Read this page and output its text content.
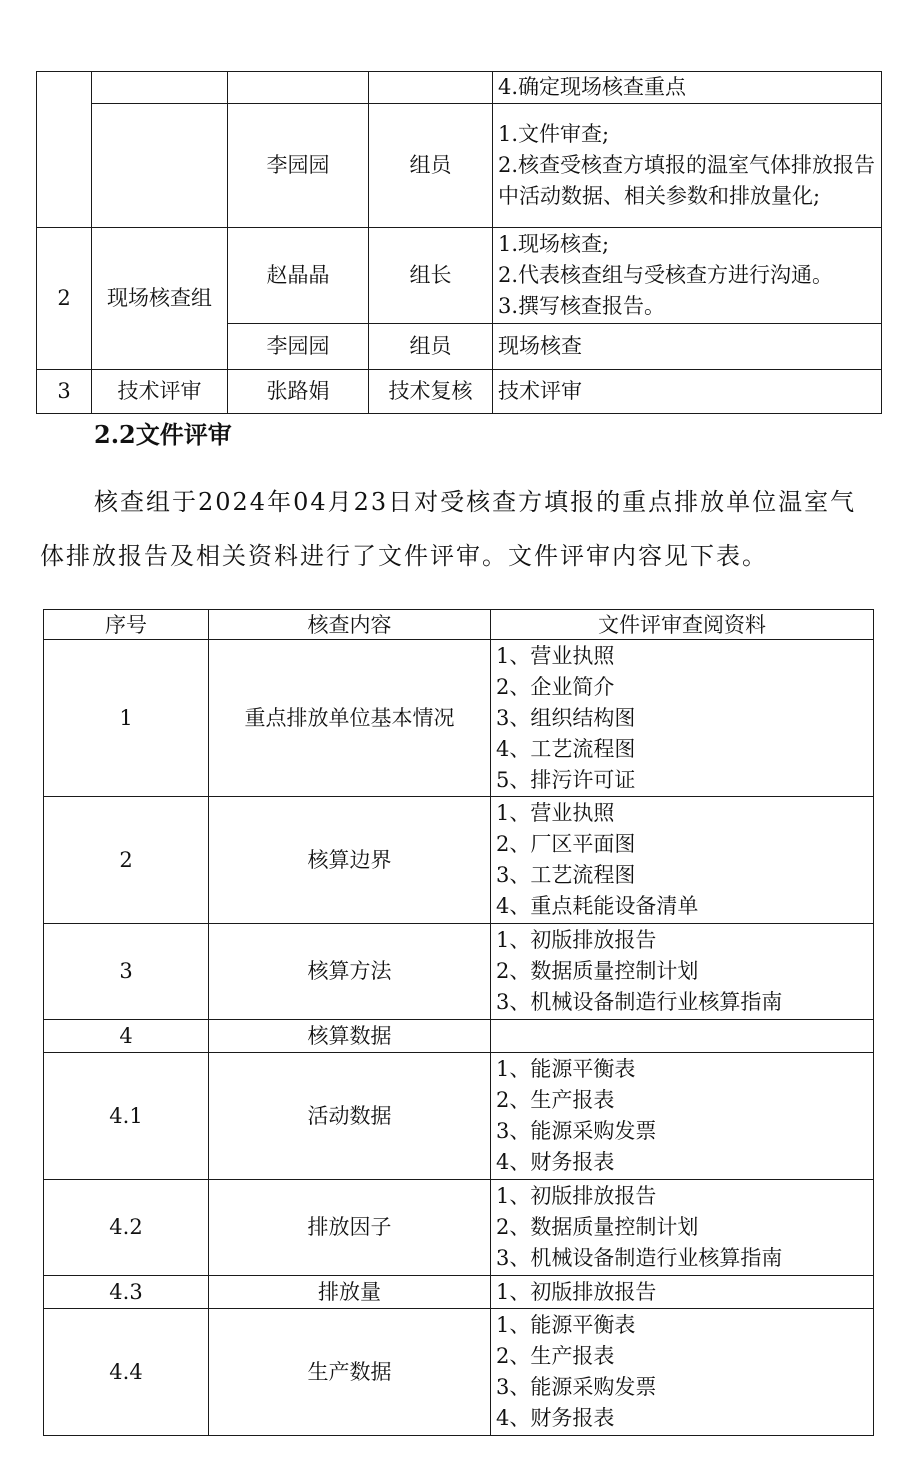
				4.确定现场核查重点

		李园园	组员	1.文件审查;
2.核查受核查方填报的温室气体排放报告中活动数据、相关参数和排放量化;

2	现场核查组	赵晶晶	组长	1.现场核查;
2.代表核查组与受核查方进行沟通。
3.撰写核查报告。

		李园园	组员	现场核查

3	技术评审	张路娟	技术复核	技术评审
2.2文件评审

核查组于2024年04月23日对受核查方填报的重点排放单位温室气体排放报告及相关资料进行了文件评审。文件评审内容见下表。

序号	核查内容	文件评审查阅资料
1	重点排放单位基本情况	1、营业执照
2、企业简介
3、组织结构图
4、工艺流程图
5、排污许可证

2	核算边界	1、营业执照
2、厂区平面图
3、工艺流程图
4、重点耗能设备清单

3	核算方法	1、初版排放报告
2、数据质量控制计划
3、机械设备制造行业核算指南

4	核算数据	
4.1	活动数据	1、能源平衡表
2、生产报表
3、能源采购发票
4、财务报表

4.2	排放因子	1、初版排放报告
2、数据质量控制计划
3、机械设备制造行业核算指南

4.3	排放量	1、初版排放报告

4.4	生产数据	1、能源平衡表
2、生产报表
3、能源采购发票
4、财务报表
